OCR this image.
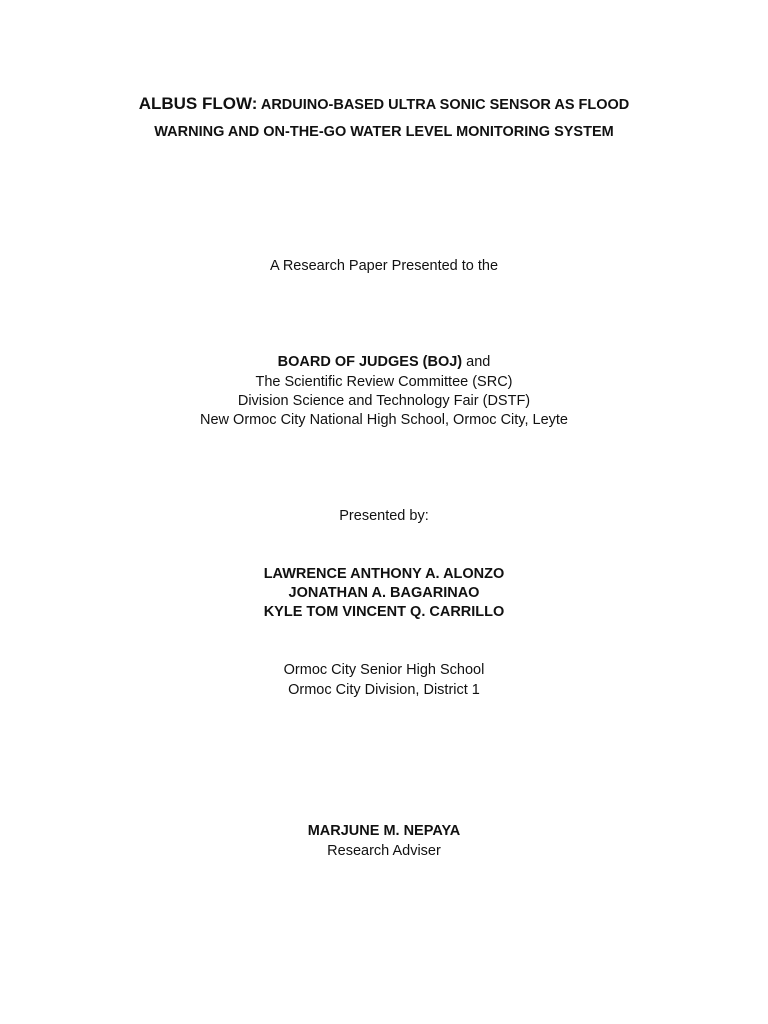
ALBUS FLOW: ARDUINO-BASED ULTRA SONIC SENSOR AS FLOOD
WARNING AND ON-THE-GO WATER LEVEL MONITORING SYSTEM
A Research Paper Presented to the
BOARD OF JUDGES (BOJ) and
The Scientific Review Committee (SRC)
Division Science and Technology Fair (DSTF)
New Ormoc City National High School, Ormoc City, Leyte
Presented by:
LAWRENCE ANTHONY A. ALONZO
JONATHAN A. BAGARINAO
KYLE TOM VINCENT Q. CARRILLO
Ormoc City Senior High School
Ormoc City Division, District 1
MARJUNE M. NEPAYA
Research Adviser
